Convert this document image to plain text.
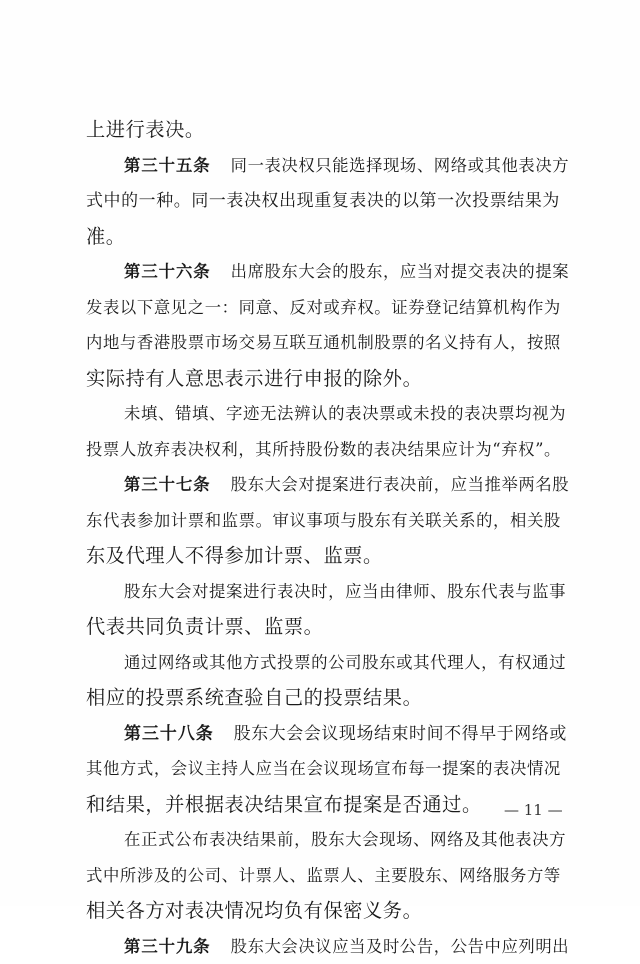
上进行表决。
第三十五条 同一表决权只能选择现场、网络或其他表决方
式中的一种。同一表决权出现重复表决的以第一次投票结果为
准。
第三十六条 出席股东大会的股东，应当对提交表决的提案
发表以下意见之一：同意、反对或弃权。证券登记结算机构作为
内地与香港股票市场交易互联互通机制股票的名义持有人，按照
实际持有人意思表示进行申报的除外。
未填、错填、字迹无法辨认的表决票或未投的表决票均视为
投票人放弃表决权利，其所持股份数的表决结果应计为“弃权”。
第三十七条 股东大会对提案进行表决前，应当推举两名股
东代表参加计票和监票。审议事项与股东有关联关系的，相关股
东及代理人不得参加计票、监票。
股东大会对提案进行表决时，应当由律师、股东代表与监事
代表共同负责计票、监票。
通过网络或其他方式投票的公司股东或其代理人，有权通过
相应的投票系统查验自己的投票结果。
第三十八条 股东大会会议现场结束时间不得早于网络或
其他方式，会议主持人应当在会议现场宣布每一提案的表决情况
和结果，并根据表决结果宣布提案是否通过。
在正式公布表决结果前，股东大会现场、网络及其他表决方
式中所涉及的公司、计票人、监票人、主要股东、网络服务方等
相关各方对表决情况均负有保密义务。
第三十九条 股东大会决议应当及时公告，公告中应列明出
— 11 —
